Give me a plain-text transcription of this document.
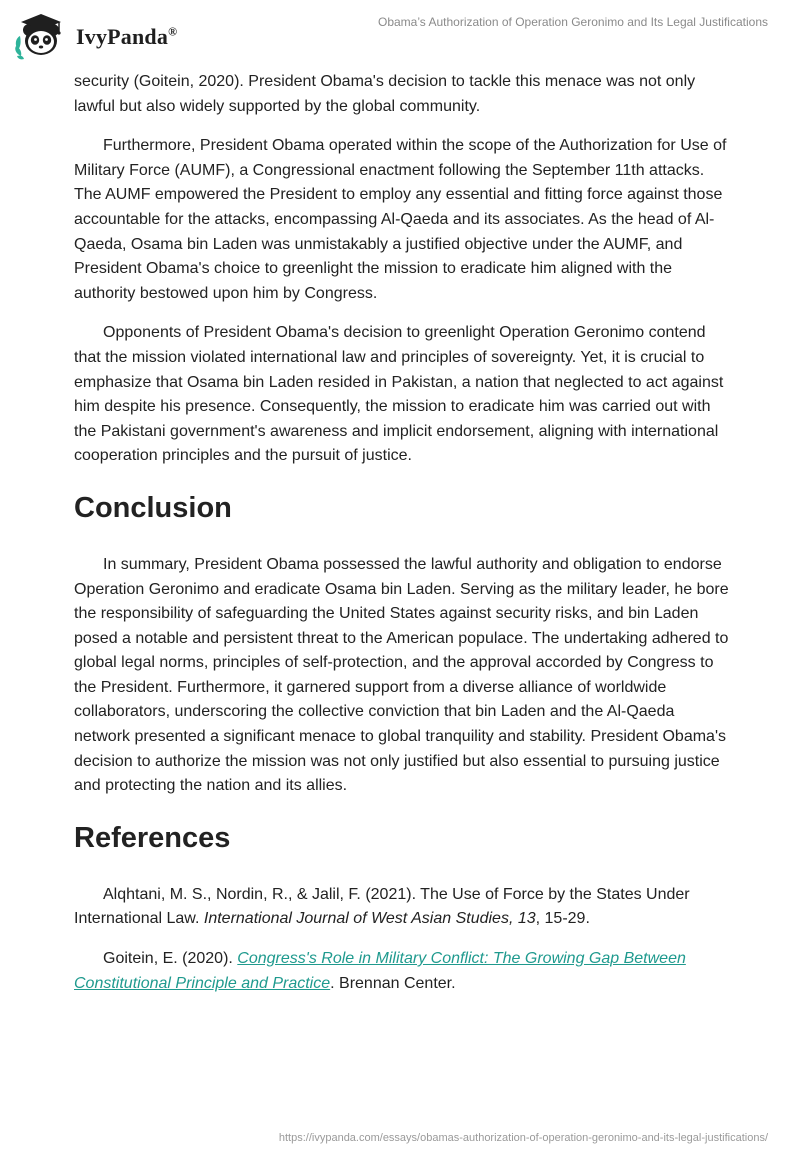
IvyPanda®
Obama’s Authorization of Operation Geronimo and Its Legal Justifications

security (Goitein, 2020). President Obama's decision to tackle this menace was not only lawful but also widely supported by the global community.

Furthermore, President Obama operated within the scope of the Authorization for Use of Military Force (AUMF), a Congressional enactment following the September 11th attacks. The AUMF empowered the President to employ any essential and fitting force against those accountable for the attacks, encompassing Al-Qaeda and its associates. As the head of Al-Qaeda, Osama bin Laden was unmistakably a justified objective under the AUMF, and President Obama's choice to greenlight the mission to eradicate him aligned with the authority bestowed upon him by Congress.

Opponents of President Obama's decision to greenlight Operation Geronimo contend that the mission violated international law and principles of sovereignty. Yet, it is crucial to emphasize that Osama bin Laden resided in Pakistan, a nation that neglected to act against him despite his presence. Consequently, the mission to eradicate him was carried out with the Pakistani government's awareness and implicit endorsement, aligning with international cooperation principles and the pursuit of justice.

Conclusion

In summary, President Obama possessed the lawful authority and obligation to endorse Operation Geronimo and eradicate Osama bin Laden. Serving as the military leader, he bore the responsibility of safeguarding the United States against security risks, and bin Laden posed a notable and persistent threat to the American populace. The undertaking adhered to global legal norms, principles of self-protection, and the approval accorded by Congress to the President. Furthermore, it garnered support from a diverse alliance of worldwide collaborators, underscoring the collective conviction that bin Laden and the Al-Qaeda network presented a significant menace to global tranquility and stability. President Obama's decision to authorize the mission was not only justified but also essential to pursuing justice and protecting the nation and its allies.

References

Alqhtani, M. S., Nordin, R., & Jalil, F. (2021). The Use of Force by the States Under International Law. International Journal of West Asian Studies, 13, 15-29.

Goitein, E. (2020). Congress's Role in Military Conflict: The Growing Gap Between Constitutional Principle and Practice. Brennan Center.

https://ivypanda.com/essays/obamas-authorization-of-operation-geronimo-and-its-legal-justifications/
